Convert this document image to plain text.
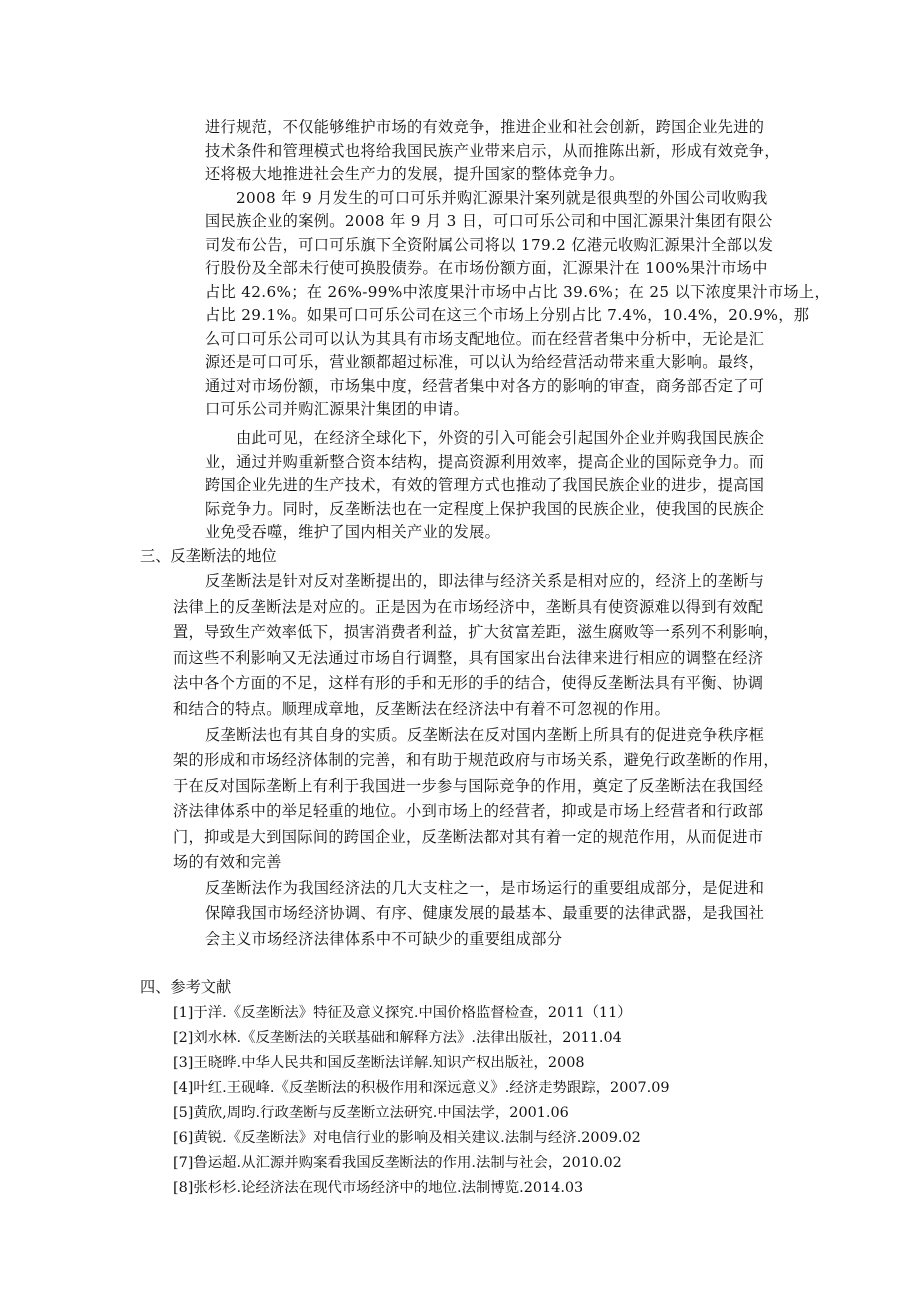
进行规范，不仅能够维护市场的有效竞争，推进企业和社会创新，跨国企业先进的
技术条件和管理模式也将给我国民族产业带来启示，从而推陈出新，形成有效竞争，
还将极大地推进社会生产力的发展，提升国家的整体竞争力。
2008 年 9 月发生的可口可乐并购汇源果汁案列就是很典型的外国公司收购我
国民族企业的案例。2008 年 9 月 3 日，可口可乐公司和中国汇源果汁集团有限公
司发布公告，可口可乐旗下全资附属公司将以 179.2 亿港元收购汇源果汁全部以发
行股份及全部未行使可换股债券。在市场份额方面，汇源果汁在 100%果汁市场中
占比 42.6%；在 26%-99%中浓度果汁市场中占比 39.6%；在 25 以下浓度果汁市场上，
占比 29.1%。如果可口可乐公司在这三个市场上分别占比 7.4%，10.4%，20.9%，那
么可口可乐公司可以认为其具有市场支配地位。而在经营者集中分析中，无论是汇
源还是可口可乐，营业额都超过标准，可以认为给经营活动带来重大影响。最终，
通过对市场份额，市场集中度，经营者集中对各方的影响的审查，商务部否定了可
口可乐公司并购汇源果汁集团的申请。
由此可见，在经济全球化下，外资的引入可能会引起国外企业并购我国民族企
业，通过并购重新整合资本结构，提高资源利用效率，提高企业的国际竞争力。而
跨国企业先进的生产技术，有效的管理方式也推动了我国民族企业的进步，提高国
际竞争力。同时，反垄断法也在一定程度上保护我国的民族企业，使我国的民族企
业免受吞噬，维护了国内相关产业的发展。
三、反垄断法的地位
反垄断法是针对反对垄断提出的，即法律与经济关系是相对应的，经济上的垄断与
法律上的反垄断法是对应的。正是因为在市场经济中，垄断具有使资源难以得到有效配
置，导致生产效率低下，损害消费者利益，扩大贫富差距，滋生腐败等一系列不利影响，
而这些不利影响又无法通过市场自行调整，具有国家出台法律来进行相应的调整在经济
法中各个方面的不足，这样有形的手和无形的手的结合，使得反垄断法具有平衡、协调
和结合的特点。顺理成章地，反垄断法在经济法中有着不可忽视的作用。
反垄断法也有其自身的实质。反垄断法在反对国内垄断上所具有的促进竞争秩序框
架的形成和市场经济体制的完善，和有助于规范政府与市场关系，避免行政垄断的作用，
于在反对国际垄断上有利于我国进一步参与国际竞争的作用，奠定了反垄断法在我国经
济法律体系中的举足轻重的地位。小到市场上的经营者，抑或是市场上经营者和行政部
门，抑或是大到国际间的跨国企业，反垄断法都对其有着一定的规范作用，从而促进市
场的有效和完善
反垄断法作为我国经济法的几大支柱之一，是市场运行的重要组成部分，是促进和
保障我国市场经济协调、有序、健康发展的最基本、最重要的法律武器，是我国社
会主义市场经济法律体系中不可缺少的重要组成部分
四、参考文献
[1]于洋.《反垄断法》特征及意义探究.中国价格监督检查，2011（11）
[2]刘水林.《反垄断法的关联基础和解释方法》.法律出版社，2011.04
[3]王晓晔.中华人民共和国反垄断法详解.知识产权出版社，2008
[4]叶红.王砚峰.《反垄断法的积极作用和深远意义》.经济走势跟踪，2007.09
[5]黄欣,周昀.行政垄断与反垄断立法研究.中国法学，2001.06
[6]黄锐.《反垄断法》对电信行业的影响及相关建议.法制与经济.2009.02
[7]鲁运超.从汇源并购案看我国反垄断法的作用.法制与社会，2010.02
[8]张杉杉.论经济法在现代市场经济中的地位.法制博览.2014.03
